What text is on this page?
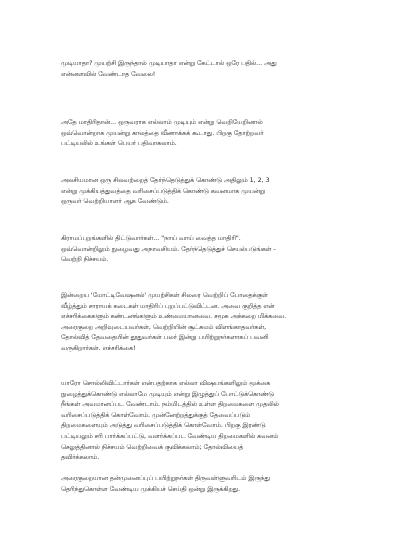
முடியாதா? முயற்சி இருந்தால் முடியாதா என்று கேட்டால் ஒரே பதில்... அது
என்னளவில் வேண்டாத வேலை!
அதே மாதிரிதான்... ஒருவராக எல்லாம் முடியும் என்று வெறியேறினால்
ஒவ்வொன்றாக முயன்று காலத்தை வீணாக்கக் கூடாது. பிறகு தோற்றவர்
பட்டியலில் உங்கள் பெயர் பதிவாகலாம்.
அலசியமான ஒரு சிலவற்றைத் தேர்ந்தெடுத்துக் கொண்டு அதிலும் 1, 2, 3
என்று முக்கியத்துவத்தை வரிசைப்படுத்திக் கொண்டு கவனமாக முயன்று
ஒருவர் வெற்றியாளர் ஆக வேண்டும்.
கிராமப்புறங்களில் திட்டுவார்கள்... "நாய் வாய் வைத்த மாதிரி".
ஒவ்வொன்றிலும் நுழைவது அநாவசியம். தேர்ந்தெடுத்துச் செயல்படுங்கள் -
வெற்றி நிச்சயம்.
இன்றைய 'மோட்டிவேஷனல்' முயற்சிகள் சிலரை வெற்றிப் போதைக்குள்
வீழ்த்தும் சாராயக் கடைகள் மாதிரிப் புறப்பட்டுவிட்டன. அவை குறித்த என்
எச்சரிக்கைகளும் கண்டனங்களும் உண்மையானவை. சமூக அக்கறை மிக்கவை.
அரைகுறை அறிவுடையவர்கள், வெற்றியின் சூட்சுமம் விளங்காதவர்கள்,
தோல்வித் தேவதையின் தூதுவர்கள் பலர் இன்று பயிற்றுநர்களாகப் பவனி
வருகிறார்கள். எச்சரிக்கை!
யாரோ சொல்லிவிட்டார்கள் என்பதற்காக எல்லா விஷயங்களிலும் மூக்கை
நுழைத்துக்கொண்டு எல்லாமே முடியும் என்று இழுத்துப் போட்டுக்கொண்டு
நீங்கள் அவமானப்பட வேண்டாம். நம்மிடத்தில் உள்ள திறமைகளை முதலில்
வரிசைப்படுத்திக் கொள்வோம். முன்னேற்றத்துக்குத் தேவைப்படும்
திறமைகளையும் அடுத்து வரிசைப்படுத்திக் கொள்வோம். பிறகு இரண்டு
பட்டியலும் சரி பார்க்கப்பட்டு, வளர்க்கப்பட வேண்டிய திறமைகளில் கவனம்
செலுத்தினால் நிச்சயம் வெற்றிவைக் குவிக்கலாம்; தோல்வியைத்
தவிர்க்கலாம்.
அரைகுறையான தன்முனைப்புப் பயிற்றுநர்கள் திருவள்ளுவரிடம் இருந்து
தெரிந்துகொள்ள வேண்டிய முக்கியச் செய்தி ஒன்று இருக்கிறது.
